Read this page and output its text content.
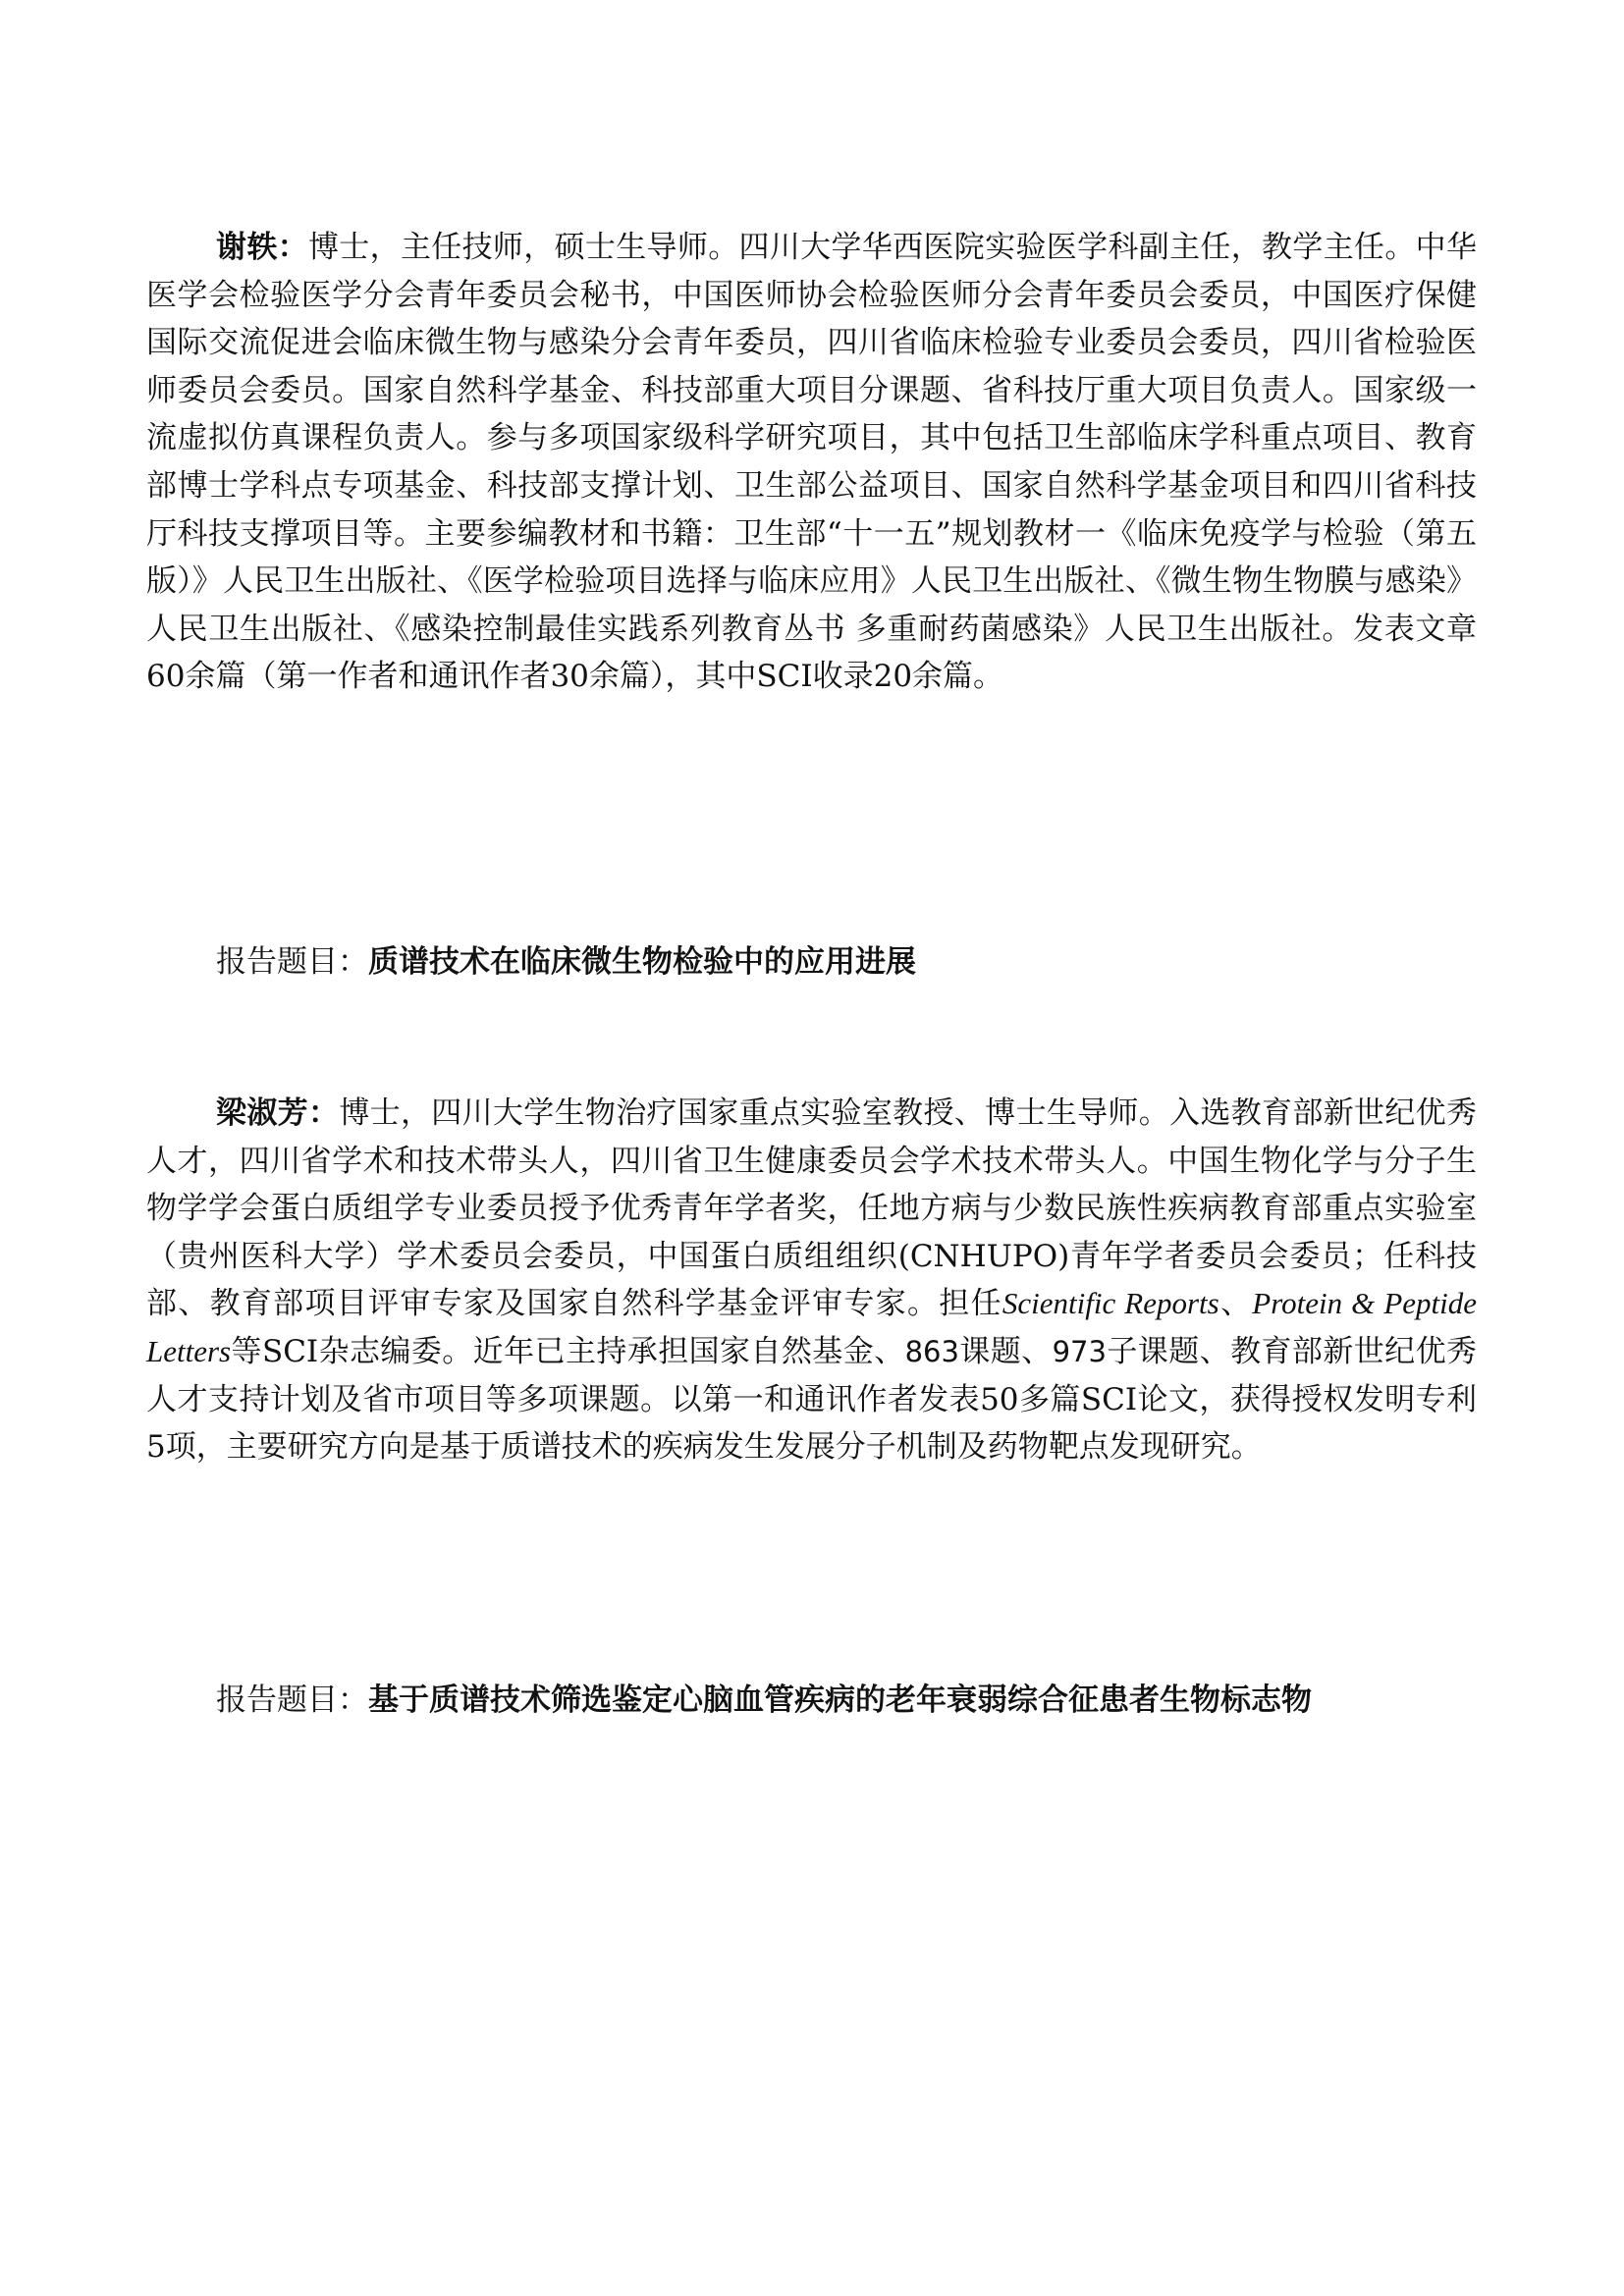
谢轶：博士，主任技师，硕士生导师。四川大学华西医院实验医学科副主任，教学主任。中华医学会检验医学分会青年委员会秘书，中国医师协会检验医师分会青年委员会委员，中国医疗保健国际交流促进会临床微生物与感染分会青年委员，四川省临床检验专业委员会委员，四川省检验医师委员会委员。国家自然科学基金、科技部重大项目分课题、省科技厅重大项目负责人。国家级一流虚拟仿真课程负责人。参与多项国家级科学研究项目，其中包括卫生部临床学科重点项目、教育部博士学科点专项基金、科技部支撑计划、卫生部公益项目、国家自然科学基金项目和四川省科技厅科技支撑项目等。主要参编教材和书籍：卫生部“十一五”规划教材一《临床免疫学与检验（第五版）》人民卫生出版社、《医学检验项目选择与临床应用》人民卫生出版社、《微生物生物膜与感染》人民卫生出版社、《感染控制最佳实践系列教育丛书 多重耐药菌感染》人民卫生出版社。发表文章60余篇（第一作者和通讯作者30余篇），其中SCI收录20余篇。

报告题目：质谱技术在临床微生物检验中的应用进展

梁淑芳：博士，四川大学生物治疗国家重点实验室教授、博士生导师。入选教育部新世纪优秀人才，四川省学术和技术带头人，四川省卫生健康委员会学术技术带头人。中国生物化学与分子生物学学会蛋白质组学专业委员授予优秀青年学者奖，任地方病与少数民族性疾病教育部重点实验室（贵州医科大学）学术委员会委员，中国蛋白质组组织(CNHUPO)青年学者委员会委员；任科技部、教育部项目评审专家及国家自然科学基金评审专家。担任Scientific Reports、Protein & Peptide Letters等SCI杂志编委。近年已主持承担国家自然基金、863课题、973子课题、教育部新世纪优秀人才支持计划及省市项目等多项课题。以第一和通讯作者发表50多篇SCI论文，获得授权发明专利5项，主要研究方向是基于质谱技术的疾病发生发展分子机制及药物靶点发现研究。

报告题目：基于质谱技术筛选鉴定心脑血管疾病的老年衰弱综合征患者生物标志物
